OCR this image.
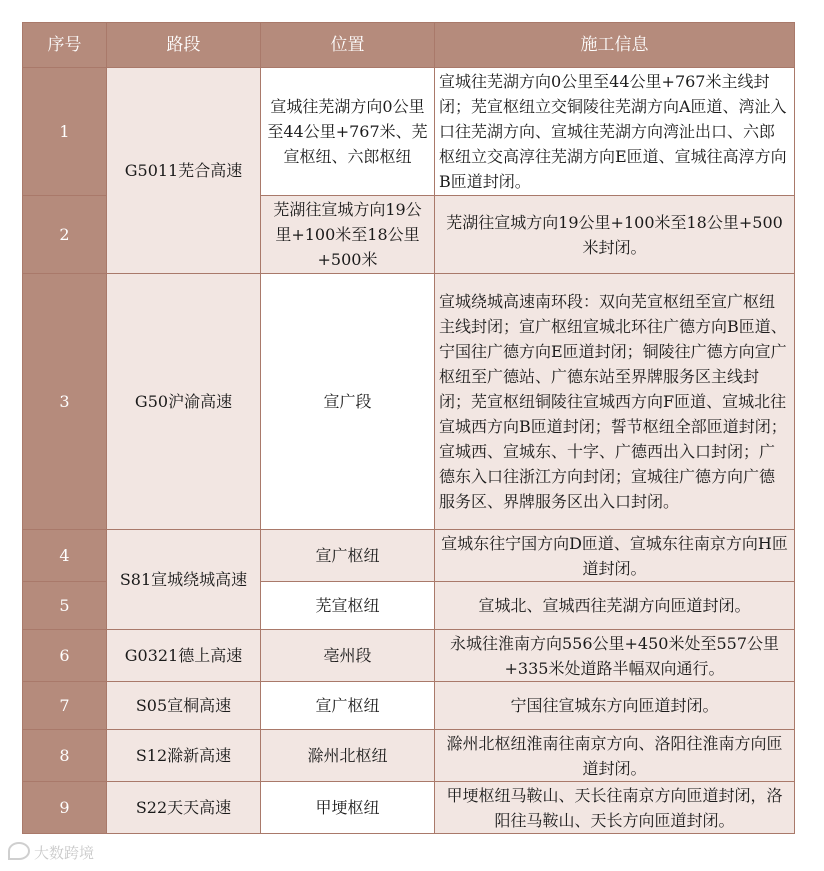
序号	路段	位置	施工信息
1	G5011芜合高速	宣城往芜湖方向0公里至44公里+767米、芜宣枢纽、六郎枢纽	宣城往芜湖方向0公里至44公里+767米主线封闭；芜宣枢纽立交铜陵往芜湖方向A匝道、湾沚入口往芜湖方向、宣城往芜湖方向湾沚出口、六郎枢纽立交高淳往芜湖方向E匝道、宣城往高淳方向B匝道封闭。
2		芜湖往宣城方向19公里+100米至18公里+500米	芜湖往宣城方向19公里+100米至18公里+500米封闭。
3	G50沪渝高速	宣广段	宣城绕城高速南环段：双向芜宣枢纽至宣广枢纽主线封闭；宣广枢纽宣城北环往广德方向B匝道、宁国往广德方向E匝道封闭；铜陵往广德方向宣广枢纽至广德站、广德东站至界牌服务区主线封闭；芜宣枢纽铜陵往宣城西方向F匝道、宣城北往宣城西方向B匝道封闭；誓节枢纽全部匝道封闭；宣城西、宣城东、十字、广德西出入口封闭；广德东入口往浙江方向封闭；宣城往广德方向广德服务区、界牌服务区出入口封闭。
4	S81宣城绕城高速	宣广枢纽	宣城东往宁国方向D匝道、宣城东往南京方向H匝道封闭。
5		芜宣枢纽	宣城北、宣城西往芜湖方向匝道封闭。
6	G0321德上高速	亳州段	永城往淮南方向556公里+450米处至557公里+335米处道路半幅双向通行。
7	S05宣桐高速	宣广枢纽	宁国往宣城东方向匝道封闭。
8	S12滁新高速	滁州北枢纽	滁州北枢纽淮南往南京方向、洛阳往淮南方向匝道封闭。
9	S22天天高速	甲埂枢纽	甲埂枢纽马鞍山、天长往南京方向匝道封闭，洛阳往马鞍山、天长方向匝道封闭。
大数跨境
